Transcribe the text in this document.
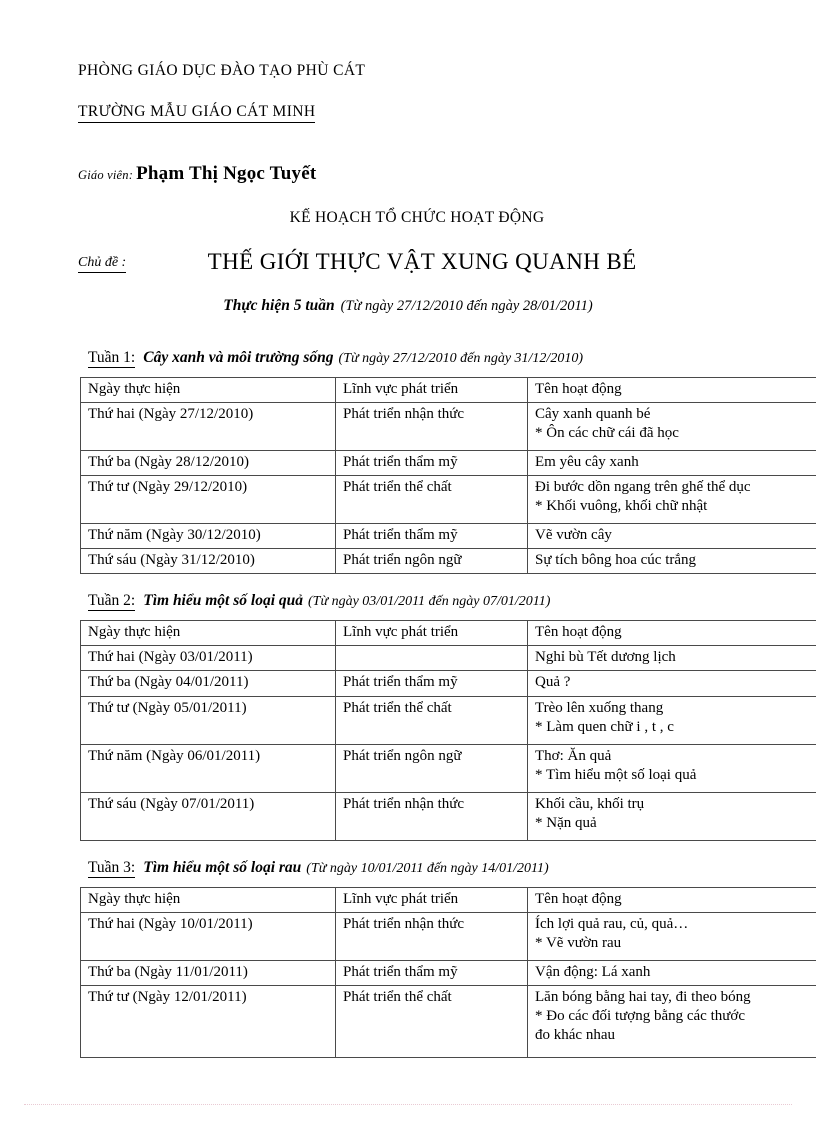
PHÒNG GIÁO DỤC ĐÀO TẠO PHÙ CÁT
TRƯỜNG MẪU GIÁO CÁT MINH
Giáo viên: Phạm Thị Ngọc Tuyết
KẾ HOẠCH TỔ CHỨC HOẠT ĐỘNG
Chủ đề :	THẾ GIỚI THỰC VẬT XUNG QUANH BÉ
Thực hiện 5 tuần (Từ ngày 27/12/2010 đến ngày 28/01/2011)
Tuần 1: Cây xanh và môi trường sống (Từ ngày 27/12/2010 đến ngày 31/12/2010)
Ngày thực hiện	Lĩnh vực phát triển	Tên hoạt động
Thứ hai (Ngày 27/12/2010)	Phát triển nhận thức	Cây xanh quanh bé
* Ôn các chữ cái đã học

Thứ ba (Ngày 28/12/2010)	Phát triển thẩm mỹ	Em yêu cây xanh

Thứ tư (Ngày 29/12/2010)	Phát triển thể chất	Đi bước dồn ngang trên ghế thể dục
* Khối vuông, khối chữ nhật

Thứ năm (Ngày 30/12/2010)	Phát triển thẩm mỹ	Vẽ vườn cây

Thứ sáu (Ngày 31/12/2010)	Phát triển ngôn ngữ	Sự tích bông hoa cúc trắng
Tuần 2: Tìm hiểu một số loại quả (Từ ngày 03/01/2011 đến ngày 07/01/2011)
Ngày thực hiện	Lĩnh vực phát triển	Tên hoạt động
Thứ hai (Ngày 03/01/2011)		Nghỉ bù Tết dương lịch

Thứ ba (Ngày 04/01/2011)	Phát triển thẩm mỹ	Quả ?

Thứ tư (Ngày 05/01/2011)	Phát triển thể chất	Trèo lên xuống thang
* Làm quen chữ i , t , c

Thứ năm (Ngày 06/01/2011)	Phát triển ngôn ngữ	Thơ: Ăn quả
* Tìm hiểu một số loại quả

Thứ sáu (Ngày 07/01/2011)	Phát triển nhận thức	Khối cầu, khối trụ
* Nặn quả
Tuần 3: Tìm hiểu một số loại rau (Từ ngày 10/01/2011 đến ngày 14/01/2011)
Ngày thực hiện	Lĩnh vực phát triển	Tên hoạt động
Thứ hai (Ngày 10/01/2011)	Phát triển nhận thức	Ích lợi quả rau, củ, quả…
* Vẽ vườn rau

Thứ ba (Ngày 11/01/2011)	Phát triển thẩm mỹ	Vận động: Lá xanh

Thứ tư (Ngày 12/01/2011)	Phát triển thể chất	Lăn bóng bằng hai tay, đi theo bóng
* Đo các đối tượng bằng các thước
đo khác nhau
